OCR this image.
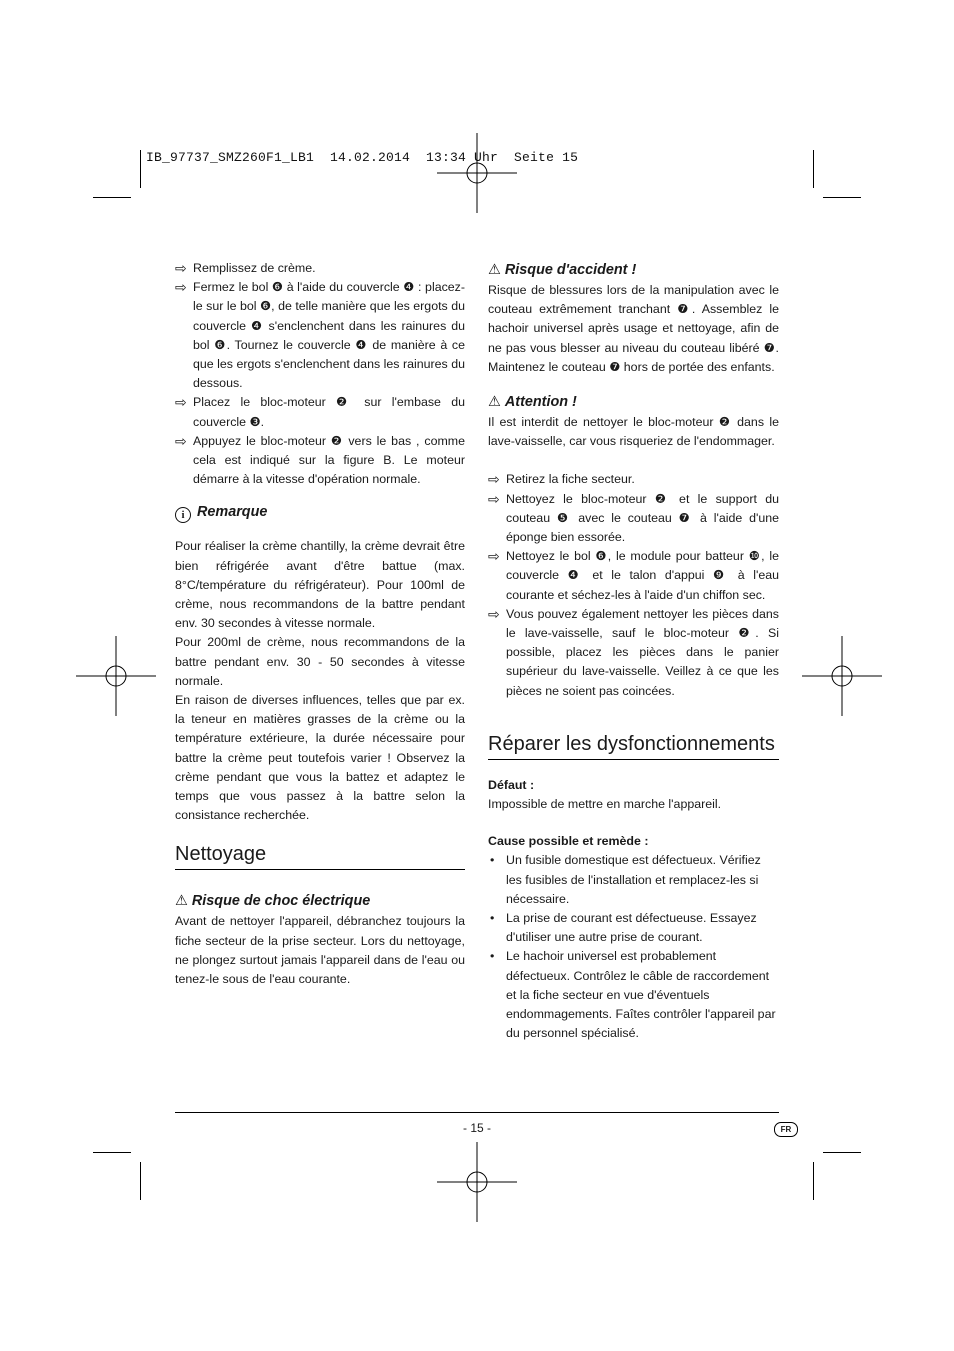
IB_97737_SMZ260F1_LB1  14.02.2014  13:34 Uhr  Seite 15
⇨ Remplissez de crème.
⇨ Fermez le bol ❻ à l'aide du couvercle ❹ : placez-le sur le bol ❻, de telle manière que les ergots du couvercle ❹ s'enclenchent dans les rainures du bol ❻. Tournez le couvercle ❹ de manière à ce que les ergots s'enclenchent dans les rainures du dessous.
⇨ Placez le bloc-moteur ❷ sur l'embase du couvercle ❸.
⇨ Appuyez le bloc-moteur ❷ vers le bas , comme cela est indiqué sur la figure B. Le moteur démarre à la vitesse d'opération normale.
i Remarque

Pour réaliser la crème chantilly, la crème devrait être bien réfrigérée avant d'être battue (max. 8°C/température du réfrigérateur). Pour 100ml de crème, nous recommandons de la battre pendant env. 30 secondes à vitesse normale.

Pour 200ml de crème, nous recommandons de la battre pendant env. 30 - 50 secondes à vitesse normale.

En raison de diverses influences, telles que par ex. la teneur en matières grasses de la crème ou la température extérieure, la durée nécessaire pour battre la crème peut toutefois varier ! Observez la crème pendant que vous la battez et adaptez le temps que vous passez à la battre selon la consistance recherchée.

Nettoyage
⚠ Risque de choc électrique

Avant de nettoyer l'appareil, débranchez toujours la fiche secteur de la prise secteur. Lors du nettoyage, ne plongez surtout jamais l'appareil dans de l'eau ou tenez-le sous de l'eau courante.

⚠ Risque d'accident !

Risque de blessures lors de la manipulation avec le couteau extrêmement tranchant ❼. Assemblez le hachoir universel après usage et nettoyage, afin de ne pas vous blesser au niveau du couteau libéré ❼. Maintenez le couteau ❼ hors de portée des enfants.

⚠ Attention !

Il est interdit de nettoyer le bloc-moteur ❷ dans le lave-vaisselle, car vous risqueriez de l'endommager.

⇨ Retirez la fiche secteur.
⇨ Nettoyez le bloc-moteur ❷ et le support du couteau ❺ avec le couteau ❼ à l'aide d'une éponge bien essorée.
⇨ Nettoyez le bol ❻, le module pour batteur ❿, le couvercle ❹ et le talon d'appui ❾ à l'eau courante et séchez-les à l'aide d'un chiffon sec.
⇨ Vous pouvez également nettoyer les pièces dans le lave-vaisselle, sauf le bloc-moteur ❷. Si possible, placez les pièces dans le panier supérieur du lave-vaisselle. Veillez à ce que les pièces ne soient pas coincées.
Réparer les dysfonctionnements

Défaut :

Impossible de mettre en marche l'appareil.

Cause possible et remède :

• Un fusible domestique est défectueux. Vérifiez les fusibles de l'installation et remplacez-les si nécessaire.
• La prise de courant est défectueuse. Essayez d'utiliser une autre prise de courant.
• Le hachoir universel est probablement défectueux. Contrôlez le câble de raccordement et la fiche secteur en vue d'éventuels endommagements. Faîtes contrôler l'appareil par du personnel spécialisé.
- 15 -	FR
